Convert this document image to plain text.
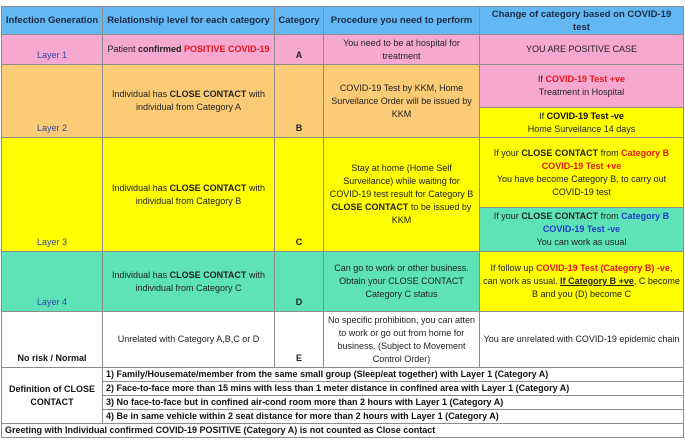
Infection Generation	Relationship level for each category	Category	Procedure you need to perform	Change of category based on COVID-19 test
Layer 1	Patient confirmed POSITIVE COVID-19	A	You need to be at hospital for treatment	YOU ARE POSITIVE CASE
Layer 2	Individual has CLOSE CONTACT with individual from Category A	B	COVID-19 Test by KKM, Home Surveilance Order will be issued by KKM	If COVID-19 Test +ve
Treatment in Hospital
				If COVID-19 Test -ve
Home Surveilance 14 days
Layer 3	Individual has CLOSE CONTACT with individual from Category B	C	Stay at home (Home Self Surveilance) while waiting for COVID-19 test result for Category B CLOSE CONTACT to be issued by KKM	If your CLOSE CONTACT from Category B COVID-19 Test +ve
You have become Category B, to carry out COVID-19 test
				If your CLOSE CONTACT from Category B COVID-19 Test -ve
You can work as usual
Layer 4	Individual has CLOSE CONTACT with individual from Category C	D	Can go to work or other business. Obtain your CLOSE CONTACT Category C status	If follow up COVID-19 Test (Category B) -ve, can work as usual. If Category B +ve, C become B and you (D) become C
No risk / Normal	Unrelated with Category A,B,C or D	E	No specific prohibition, you can atten to work or go out from home for business. (Subject to Movement Control Order)	You are unrelated with COVID-19 epidemic chain
Definition of CLOSE CONTACT	1) Family/Housemate/member from the same small group (Sleep/eat together) with Layer 1 (Category A)			
	2) Face-to-face more than 15 mins with less than 1 meter distance in confined area with Layer 1 (Category A)			
	3) No face-to-face but in confined air-cond room more than 2 hours with Layer 1 (Category A)			
	4) Be in same vehicle within 2 seat distance for more than 2 hours with Layer 1 (Category A)			
Greeting with Individual confirmed COVID-19 POSITIVE (Category A) is not counted as Close contact				
